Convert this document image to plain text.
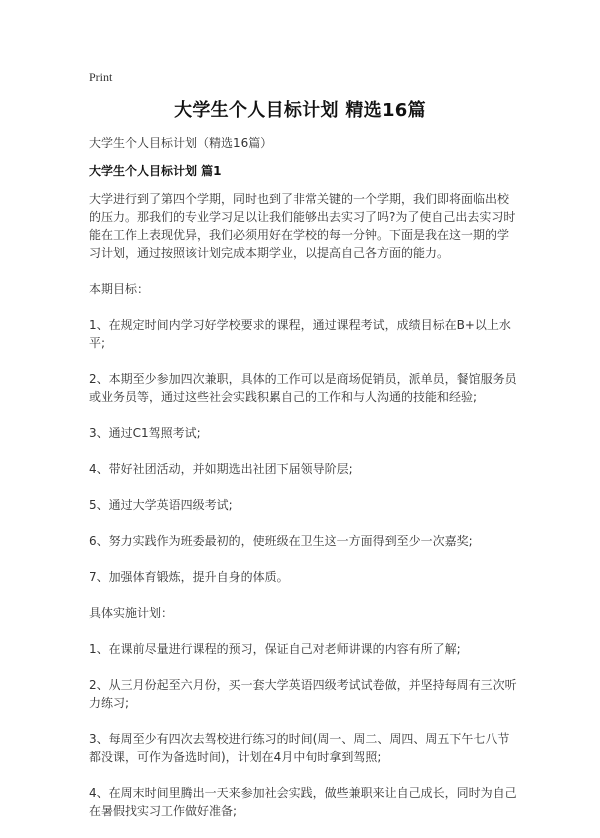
Print
大学生个人目标计划 精选16篇

大学生个人目标计划（精选16篇）

大学生个人目标计划 篇1

大学进行到了第四个学期，同时也到了非常关键的一个学期，我们即将面临出校的压力。那我们的专业学习足以让我们能够出去实习了吗?为了使自己出去实习时能在工作上表现优异，我们必须用好在学校的每一分钟。下面是我在这一期的学习计划，通过按照该计划完成本期学业，以提高自己各方面的能力。

本期目标：

1、在规定时间内学习好学校要求的课程，通过课程考试，成绩目标在B+以上水平;

2、本期至少参加四次兼职，具体的工作可以是商场促销员，派单员，餐馆服务员或业务员等，通过这些社会实践积累自己的工作和与人沟通的技能和经验;

3、通过C1驾照考试;

4、带好社团活动，并如期选出社团下届领导阶层;

5、通过大学英语四级考试;

6、努力实践作为班委最初的，使班级在卫生这一方面得到至少一次嘉奖;

7、加强体育锻炼，提升自身的体质。

具体实施计划：

1、在课前尽量进行课程的预习，保证自己对老师讲课的内容有所了解;

2、从三月份起至六月份，买一套大学英语四级考试试卷做，并坚持每周有三次听力练习;

3、每周至少有四次去驾校进行练习的时间(周一、周二、周四、周五下午七八节都没课，可作为备选时间)，计划在4月中旬时拿到驾照;

4、在周末时间里腾出一天来参加社会实践，做些兼职来让自己成长，同时为自己在暑假找实习工作做好准备;
